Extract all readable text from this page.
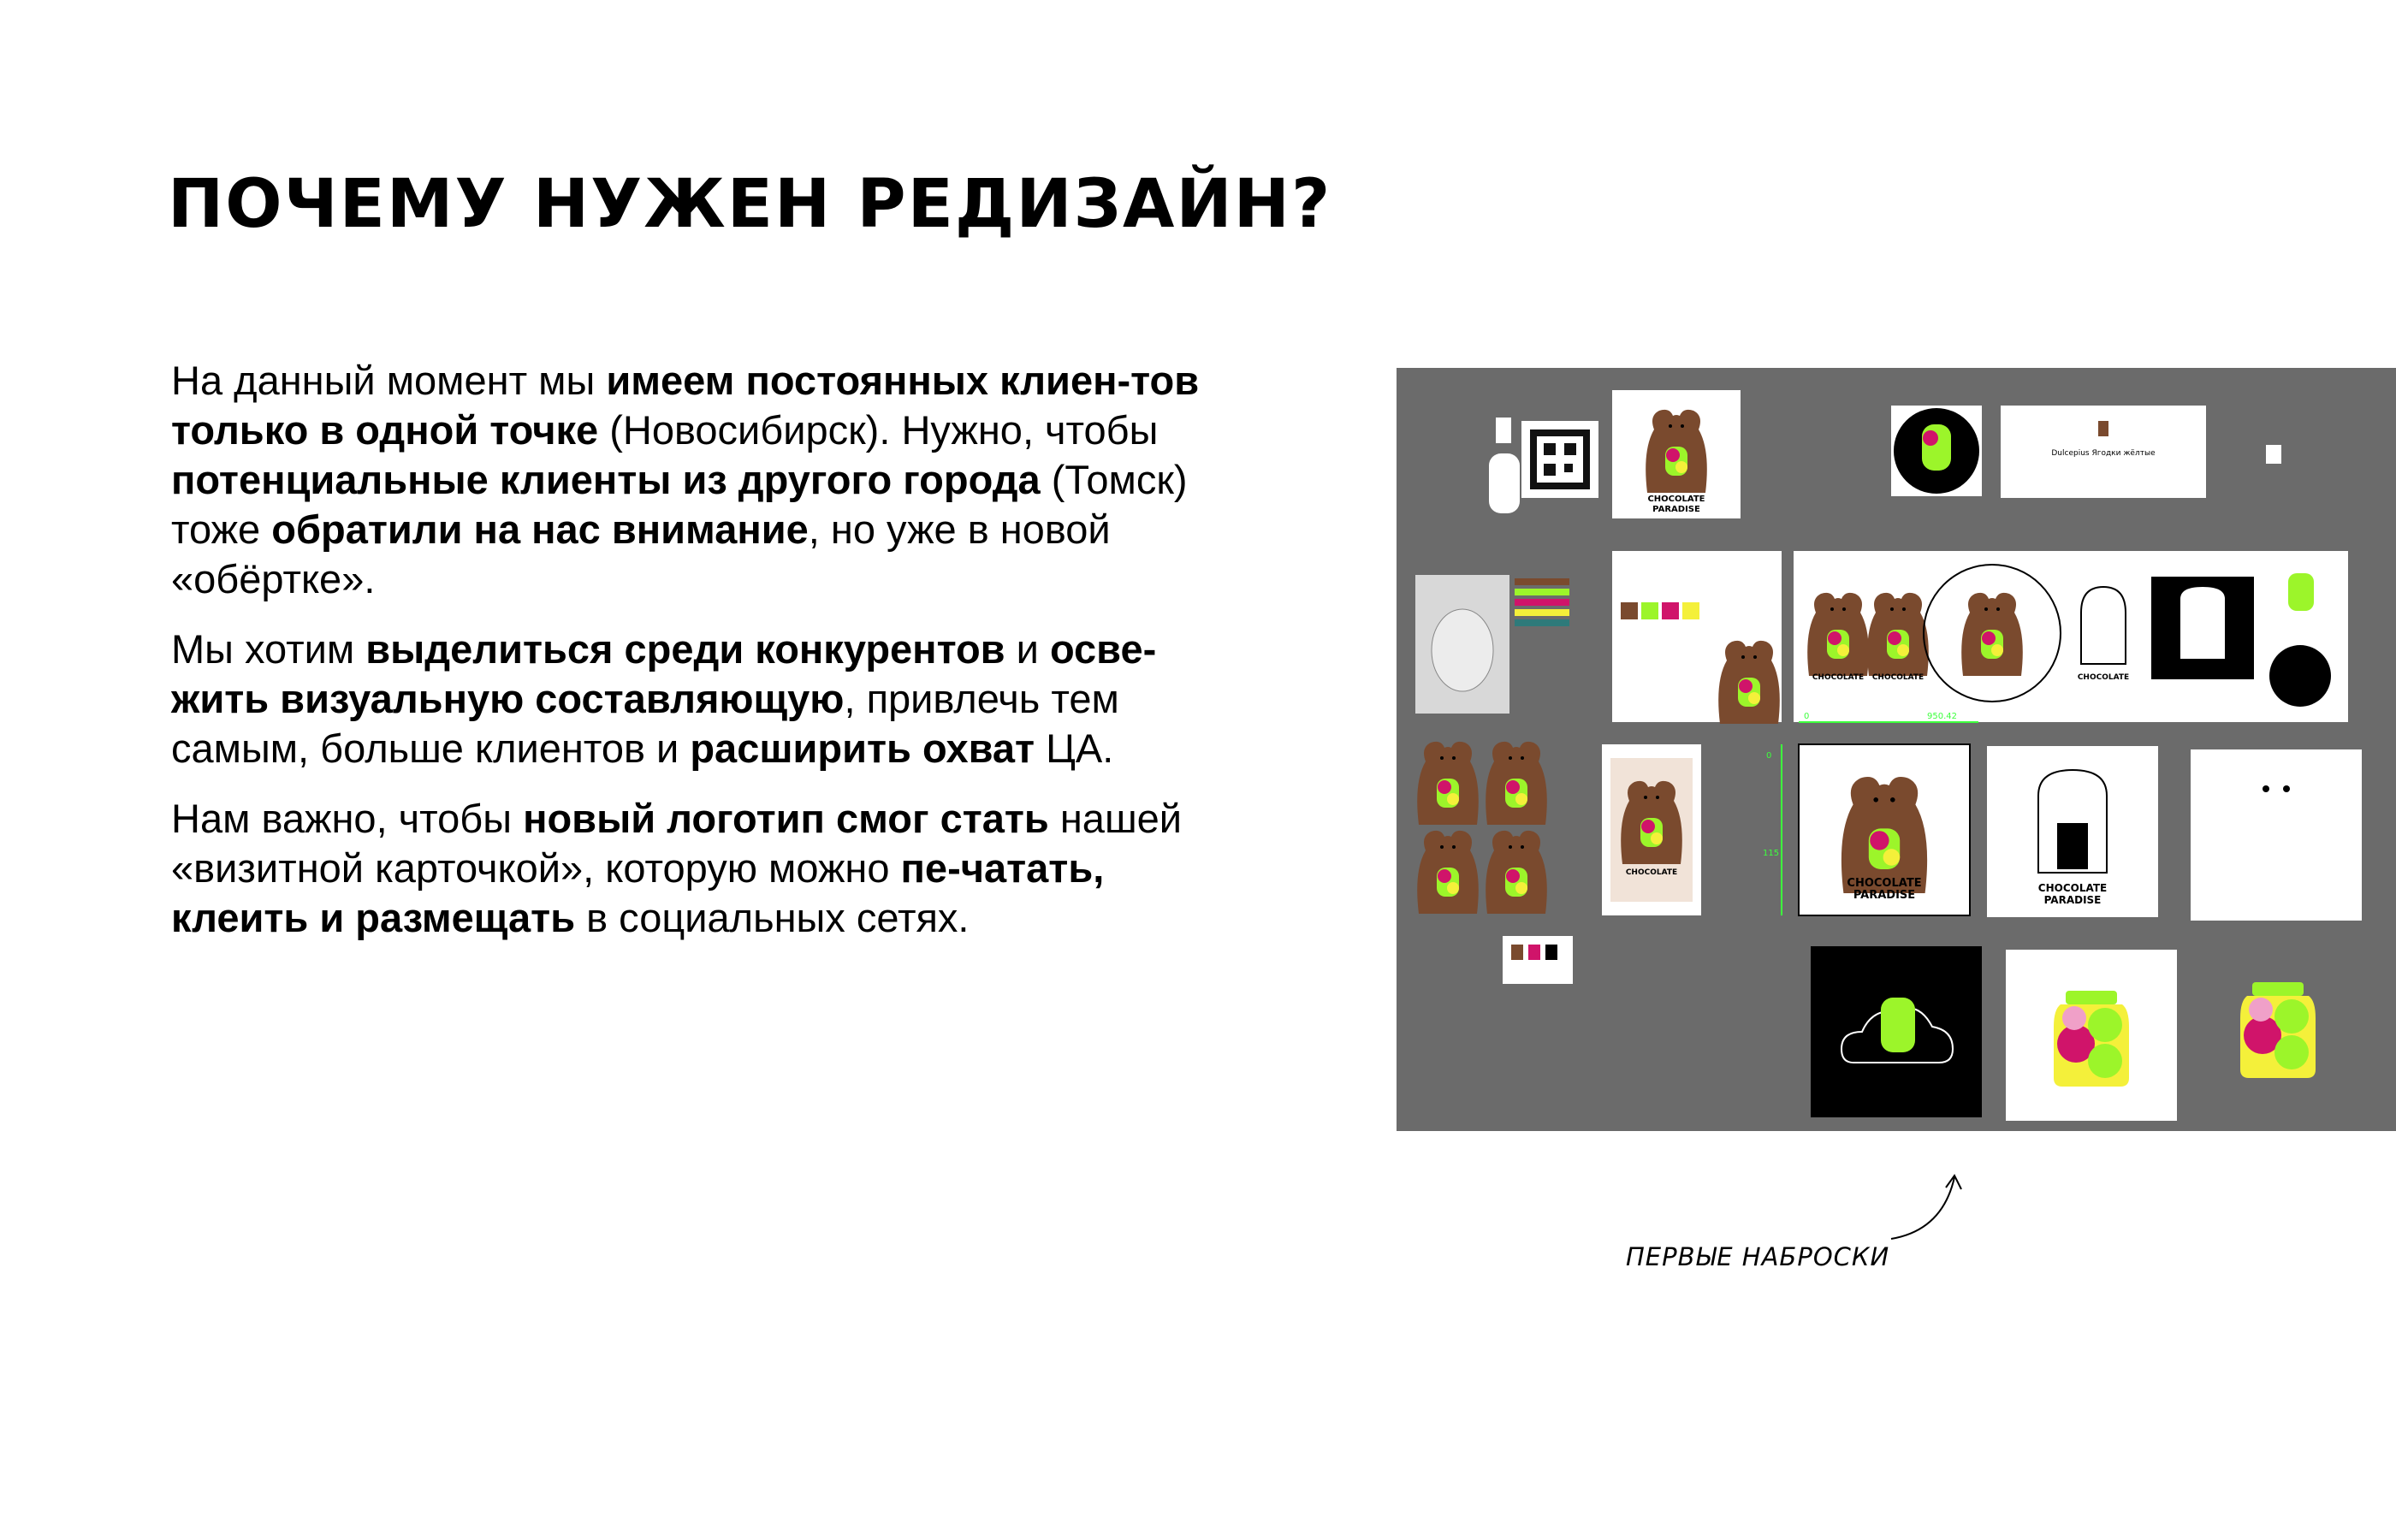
ПОЧЕМУ НУЖЕН РЕДИЗАЙН?

На данный момент мы имеем постоянных клиен-тов только в одной точке (Новосибирск). Нужно, чтобы потенциальные клиенты из другого города (Томск) тоже обратили на нас внимание, но уже в новой «обёртке».

Мы хотим выделиться среди конкурентов и осве-жить визуальную составляющую, привлечь тем самым, больше клиентов и расширить охват ЦА.

Нам важно, чтобы новый логотип смог стать нашей «визитной карточкой», которую можно пе-чатать, клеить и размещать в социальных сетях.

CHOCOLATE
PARADISE
Dulcepius Ягодки жёлтые
CHOCOLATE CHOCOLATE	CHOCOLATE
0	950.42
CHOCOLATE
0
115
CHOCOLATE
PARADISE
CHOCOLATE
PARADISE
ПЕРВЫЕ НАБРОСКИ
